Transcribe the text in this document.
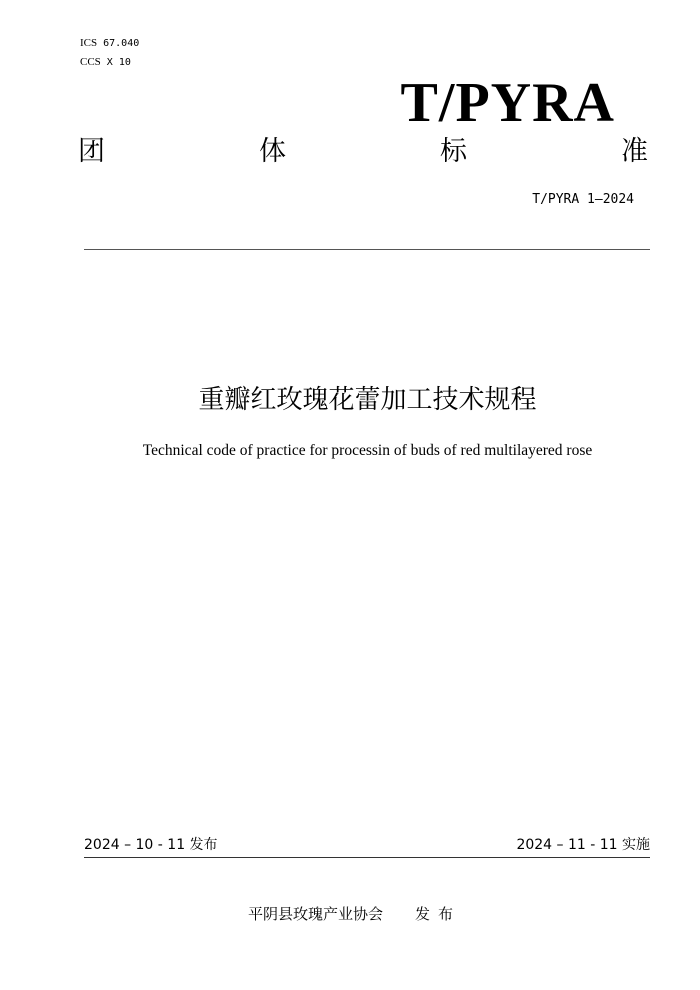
ICS 67.040
CCS X 10
T/PYRA
团	体	标	准
T/PYRA 1—2024
重瓣红玫瑰花蕾加工技术规程
Technical code of practice for processin of buds of red multilayered rose
2024 – 10 - 11 发布	2024 – 11 - 11 实施
平阴县玫瑰产业协会 发布
